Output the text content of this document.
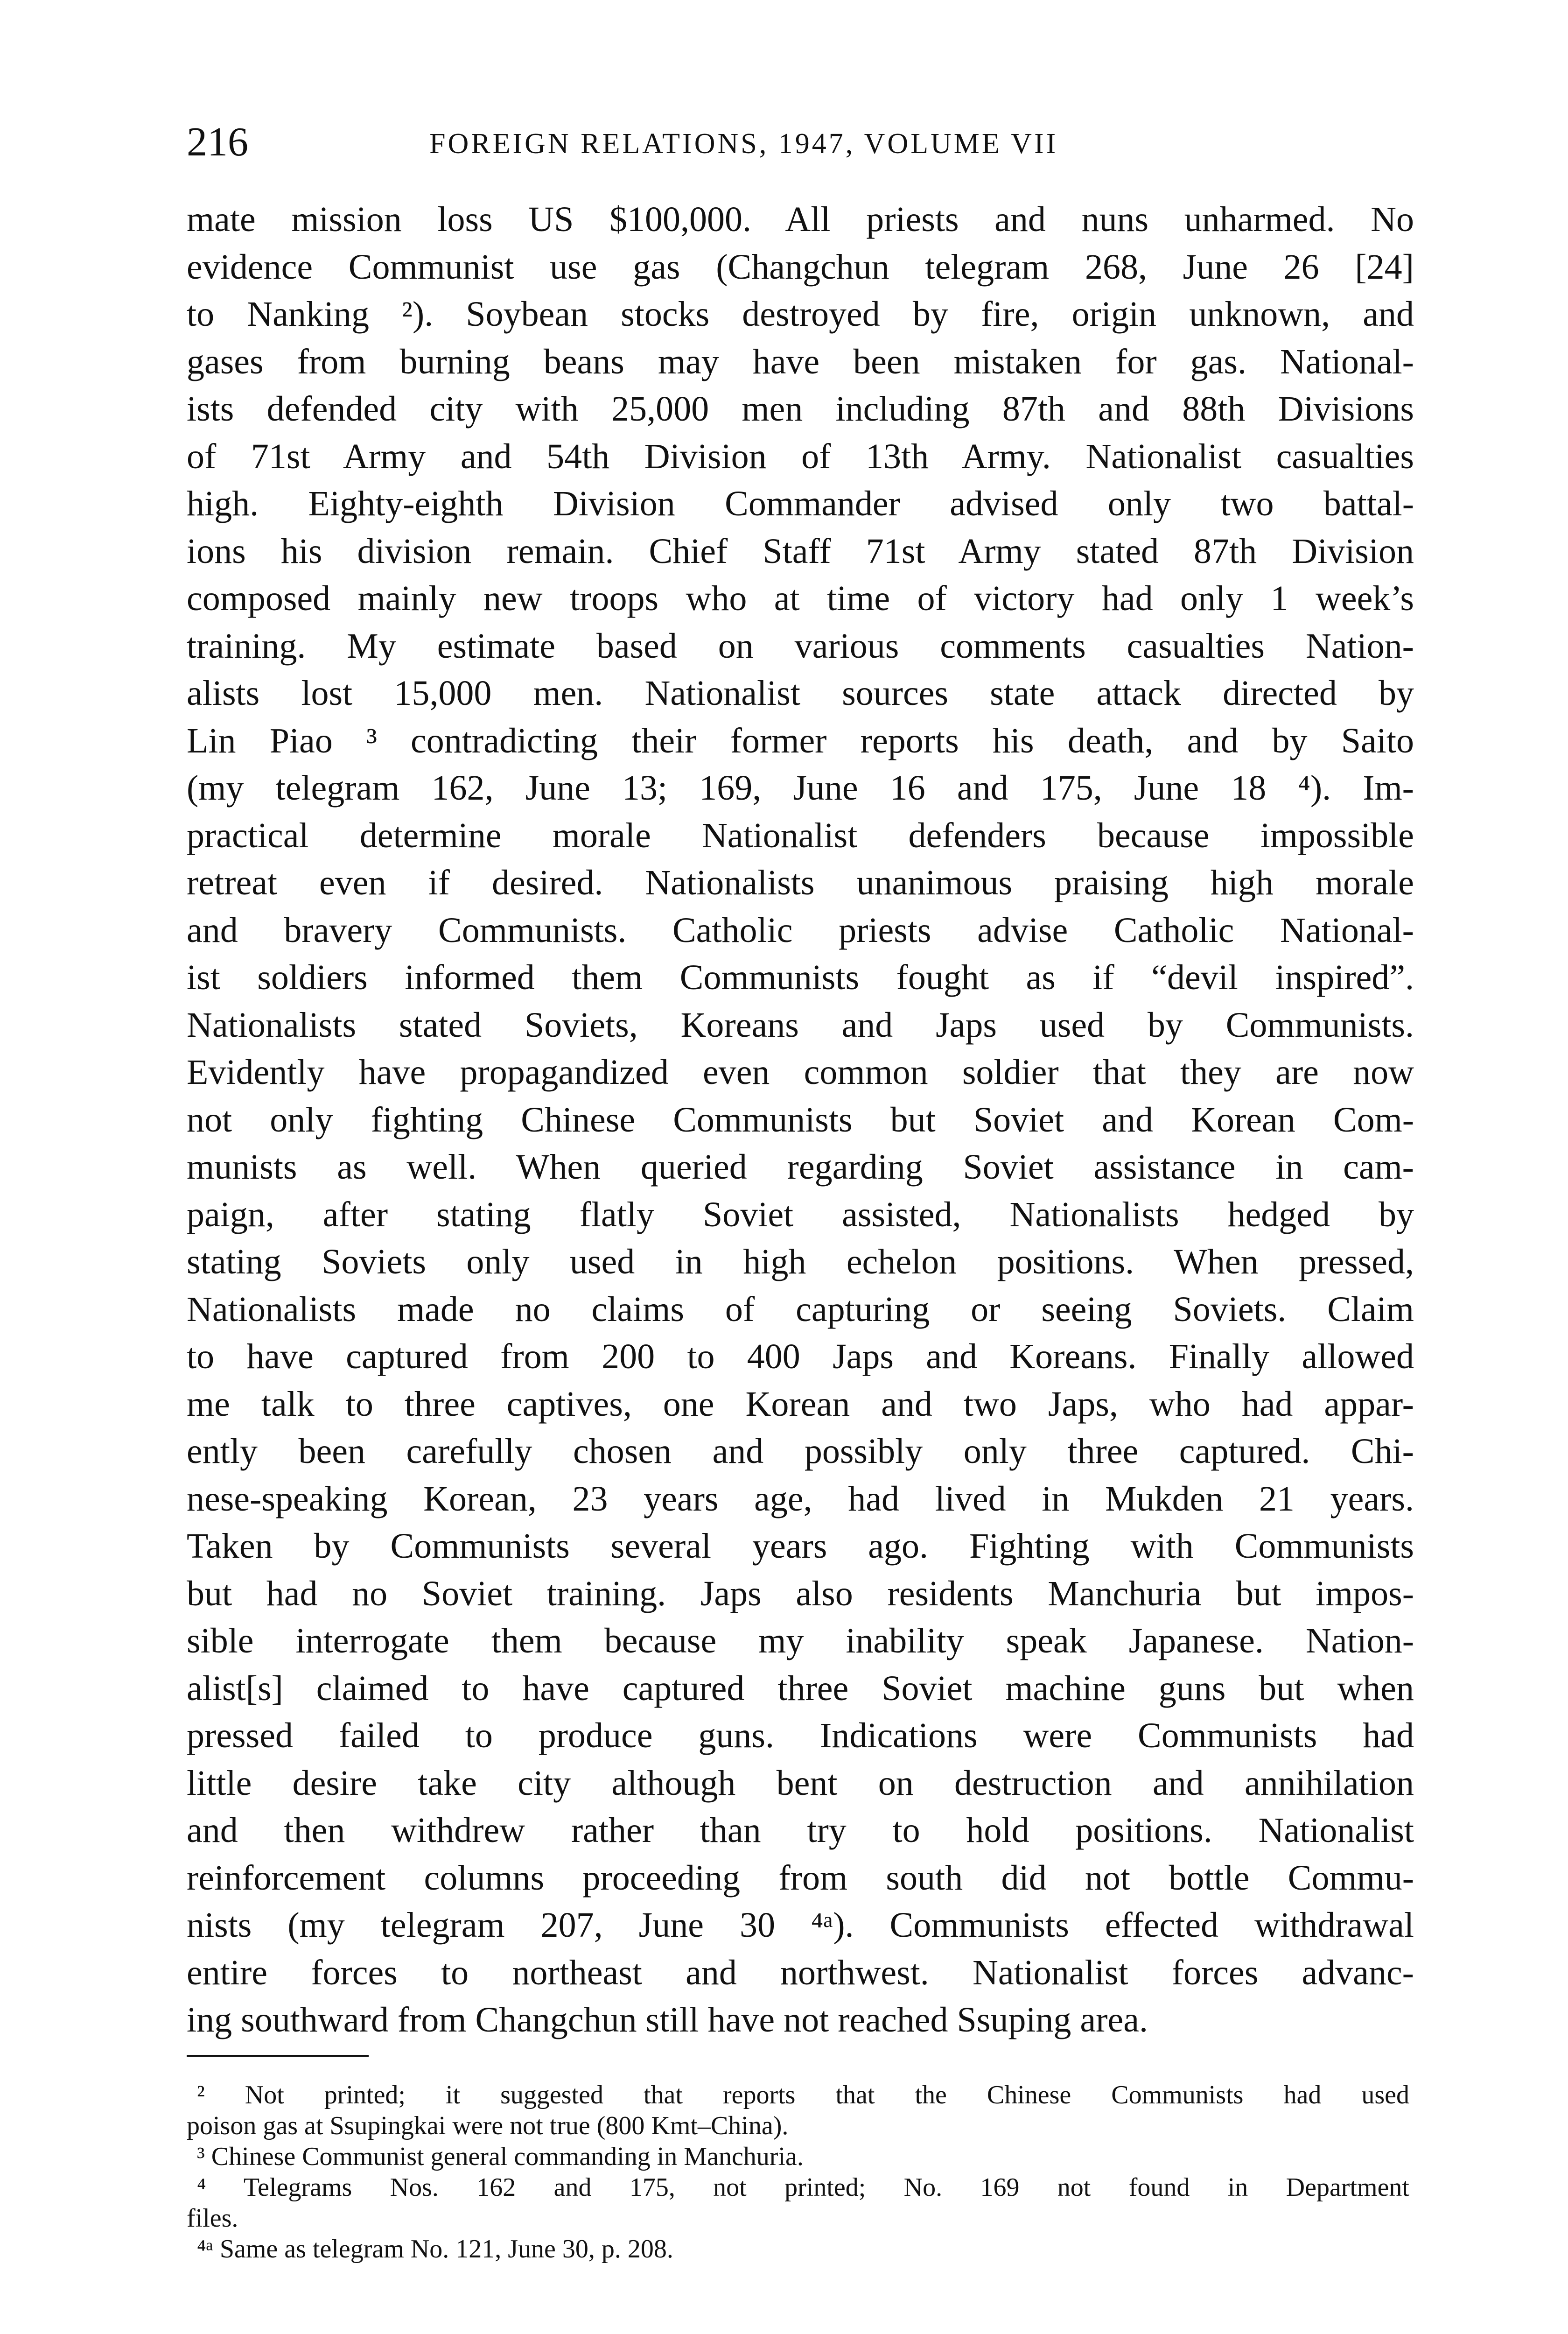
216	FOREIGN RELATIONS, 1947, VOLUME VII
mate mission loss US $100,000. All priests and nuns unharmed. No
evidence Communist use gas (Changchun telegram 268, June 26 [24]
to Nanking ²). Soybean stocks destroyed by fire, origin unknown, and
gases from burning beans may have been mistaken for gas. National-
ists defended city with 25,000 men including 87th and 88th Divisions
of 71st Army and 54th Division of 13th Army. Nationalist casualties
high. Eighty-eighth Division Commander advised only two battal-
ions his division remain. Chief Staff 71st Army stated 87th Division
composed mainly new troops who at time of victory had only 1 week’s
training. My estimate based on various comments casualties Nation-
alists lost 15,000 men. Nationalist sources state attack directed by
Lin Piao ³ contradicting their former reports his death, and by Saito
(my telegram 162, June 13; 169, June 16 and 175, June 18 ⁴). Im-
practical determine morale Nationalist defenders because impossible
retreat even if desired. Nationalists unanimous praising high morale
and bravery Communists. Catholic priests advise Catholic National-
ist soldiers informed them Communists fought as if “devil inspired”.
Nationalists stated Soviets, Koreans and Japs used by Communists.
Evidently have propagandized even common soldier that they are now
not only fighting Chinese Communists but Soviet and Korean Com-
munists as well. When queried regarding Soviet assistance in cam-
paign, after stating flatly Soviet assisted, Nationalists hedged by
stating Soviets only used in high echelon positions. When pressed,
Nationalists made no claims of capturing or seeing Soviets. Claim
to have captured from 200 to 400 Japs and Koreans. Finally allowed
me talk to three captives, one Korean and two Japs, who had appar-
ently been carefully chosen and possibly only three captured. Chi-
nese-speaking Korean, 23 years age, had lived in Mukden 21 years.
Taken by Communists several years ago. Fighting with Communists
but had no Soviet training. Japs also residents Manchuria but impos-
sible interrogate them because my inability speak Japanese. Nation-
alist[s] claimed to have captured three Soviet machine guns but when
pressed failed to produce guns. Indications were Communists had
little desire take city although bent on destruction and annihilation
and then withdrew rather than try to hold positions. Nationalist
reinforcement columns proceeding from south did not bottle Commu-
nists (my telegram 207, June 30 ⁴ᵃ). Communists effected withdrawal
entire forces to northeast and northwest. Nationalist forces advanc-
ing southward from Changchun still have not reached Ssuping area.
² Not printed; it suggested that reports that the Chinese Communists had used
poison gas at Ssupingkai were not true (800 Kmt–China).
³ Chinese Communist general commanding in Manchuria.
⁴ Telegrams Nos. 162 and 175, not printed; No. 169 not found in Department
files.
⁴ᵃ Same as telegram No. 121, June 30, p. 208.
